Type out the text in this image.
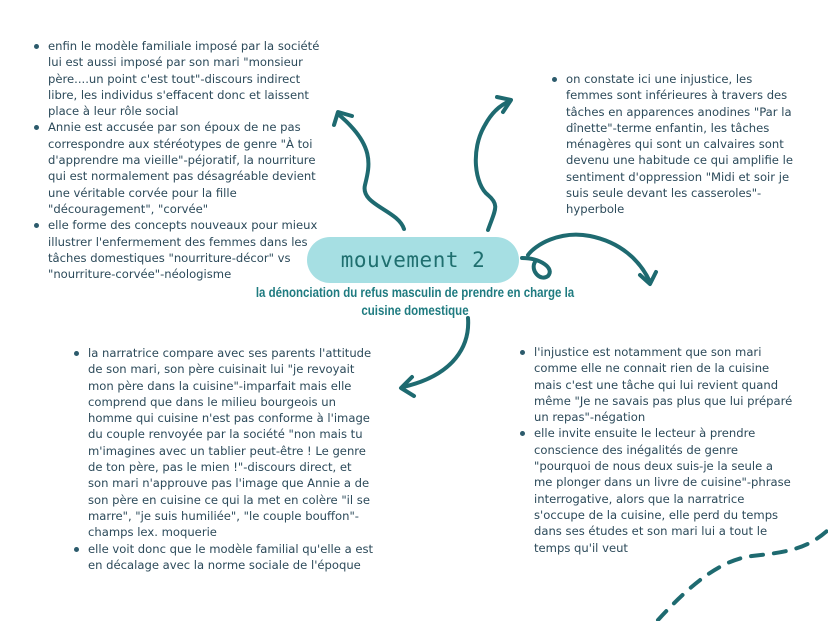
mouvement 2
la dénonciation du refus masculin de prendre en charge la cuisine domestique
enfin le modèle familiale imposé par la société lui est aussi imposé par son mari "monsieur père....un point c'est tout"-discours indirect libre, les individus s'effacent donc et laissent place à leur rôle social
Annie est accusée par son époux de ne pas correspondre aux stéréotypes de genre "À toi d'apprendre ma vieille"-péjoratif, la nourriture qui est normalement pas désagréable devient une véritable corvée pour la fille "découragement", "corvée"
elle forme des concepts nouveaux pour mieux illustrer l'enfermement des femmes dans les tâches domestiques "nourriture-décor" vs "nourriture-corvée"-néologisme
on constate ici une injustice, les femmes sont inférieures à travers des tâches en apparences anodines "Par la dînette"-terme enfantin, les tâches ménagères qui sont un calvaires sont devenu une habitude ce qui amplifie le sentiment d'oppression "Midi et soir je suis seule devant les casseroles"-hyperbole
la narratrice compare avec ses parents l'attitude de son mari, son père cuisinait lui "je revoyait mon père dans la cuisine"-imparfait mais elle comprend que dans le milieu bourgeois un homme qui cuisine n'est pas conforme à l'image du couple renvoyée par la société "non mais tu m'imagines avec un tablier peut-être ! Le genre de ton père, pas le mien !"-discours direct, et son mari n'approuve pas l'image que Annie a de son père en cuisine ce qui la met en colère "il se marre", "je suis humiliée", "le couple bouffon"-champs lex. moquerie
elle voit donc que le modèle familial qu'elle a est en décalage avec la norme sociale de l'époque
l'injustice est notamment que son mari comme elle ne connait rien de la cuisine mais c'est une tâche qui lui revient quand même "Je ne savais pas plus que lui préparé un repas"-négation
elle invite ensuite le lecteur à prendre conscience des inégalités de genre "pourquoi de nous deux suis-je la seule a me plonger dans un livre de cuisine"-phrase interrogative, alors que la narratrice s'occupe de la cuisine, elle perd du temps dans ses études et son mari lui a tout le temps qu'il veut
